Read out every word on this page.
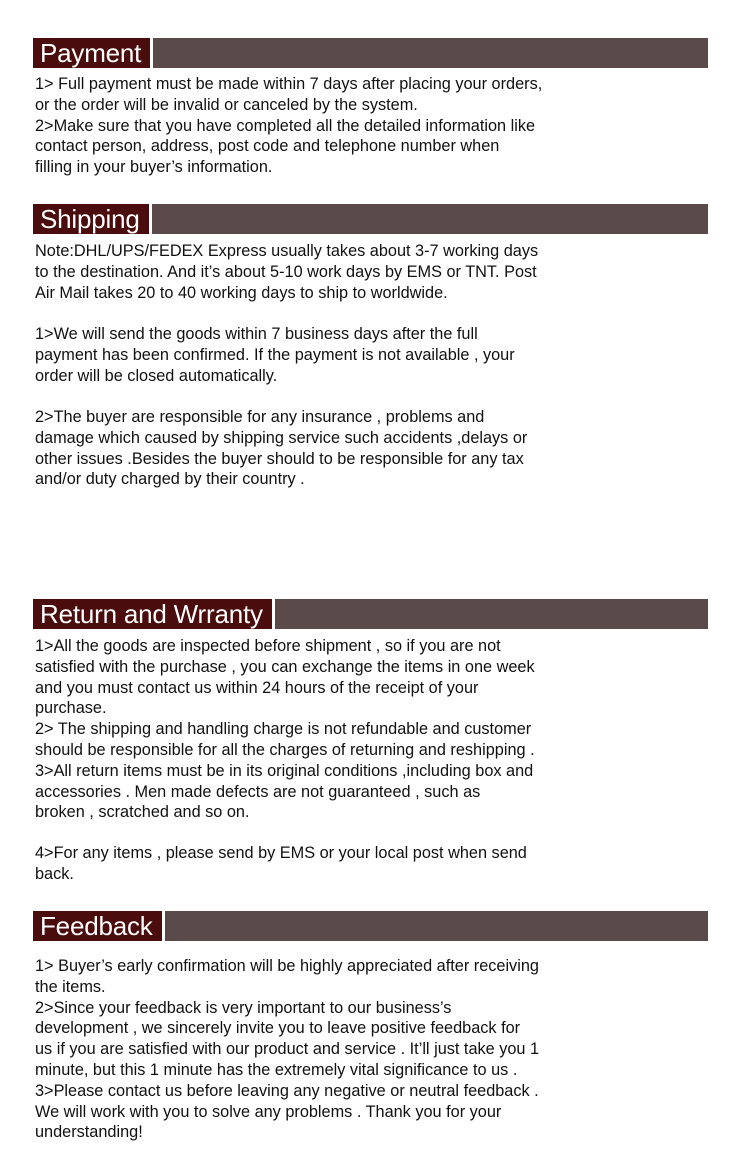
Payment

1> Full payment must be made within 7 days after placing your orders,
or the order will be invalid or canceled by the system.
2>Make sure that you have completed all the detailed information like
contact person, address, post code and telephone number when
filling in your buyer’s information.

Shipping

Note:DHL/UPS/FEDEX Express usually takes about 3-7 working days
to the destination. And it’s about 5-10 work days by EMS or TNT. Post
Air Mail takes 20 to 40 working days to ship to worldwide.

1>We will send the goods within 7 business days after the full
payment has been confirmed. If the payment is not available , your
order will be closed automatically.

2>The buyer are responsible for any insurance , problems and
damage which caused by shipping service such accidents ,delays or
other issues .Besides the buyer should to be responsible for any tax
and/or duty charged by their country .

Return and Wrranty

1>All the goods are inspected before shipment , so if you are not
satisfied with the purchase , you can exchange the items in one week
and you must contact us within 24 hours of the receipt of your
purchase.
2> The shipping and handling charge is not refundable and customer
should be responsible for all the charges of returning and reshipping .
3>All return items must be in its original conditions ,including box and
accessories . Men made defects are not guaranteed , such as
broken , scratched and so on.

4>For any items , please send by EMS or your local post when send
back.

Feedback

1> Buyer’s early confirmation will be highly appreciated after receiving
the items.
2>Since your feedback is very important to our business’s
development , we sincerely invite you to leave positive feedback for
us if you are satisfied with our product and service . It’ll just take you 1
minute, but this 1 minute has the extremely vital significance to us .
3>Please contact us before leaving any negative or neutral feedback .
We will work with you to solve any problems . Thank you for your
understanding!
